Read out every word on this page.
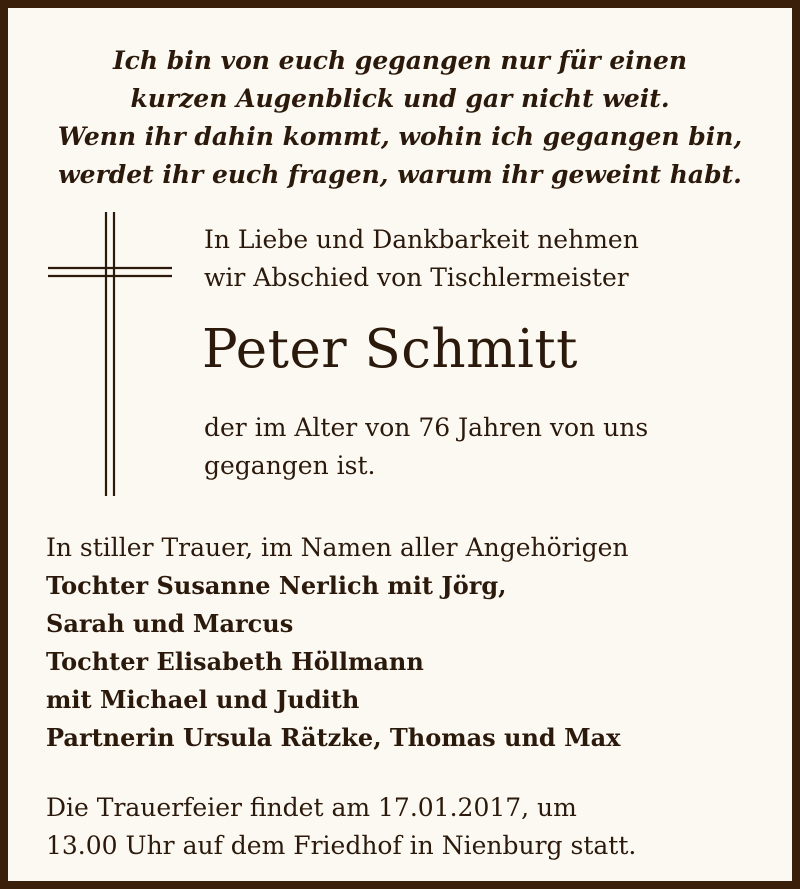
Ich bin von euch gegangen nur für einen
kurzen Augenblick und gar nicht weit.
Wenn ihr dahin kommt, wohin ich gegangen bin,
werdet ihr euch fragen, warum ihr geweint habt.
In Liebe und Dankbarkeit nehmen
wir Abschied von Tischlermeister
Peter Schmitt
der im Alter von 76 Jahren von uns
gegangen ist.
In stiller Trauer, im Namen aller Angehörigen
Tochter Susanne Nerlich mit Jörg,
Sarah und Marcus
Tochter Elisabeth Höllmann
mit Michael und Judith
Partnerin Ursula Rätzke, Thomas und Max
Die Trauerfeier findet am 17.01.2017, um
13.00 Uhr auf dem Friedhof in Nienburg statt.
